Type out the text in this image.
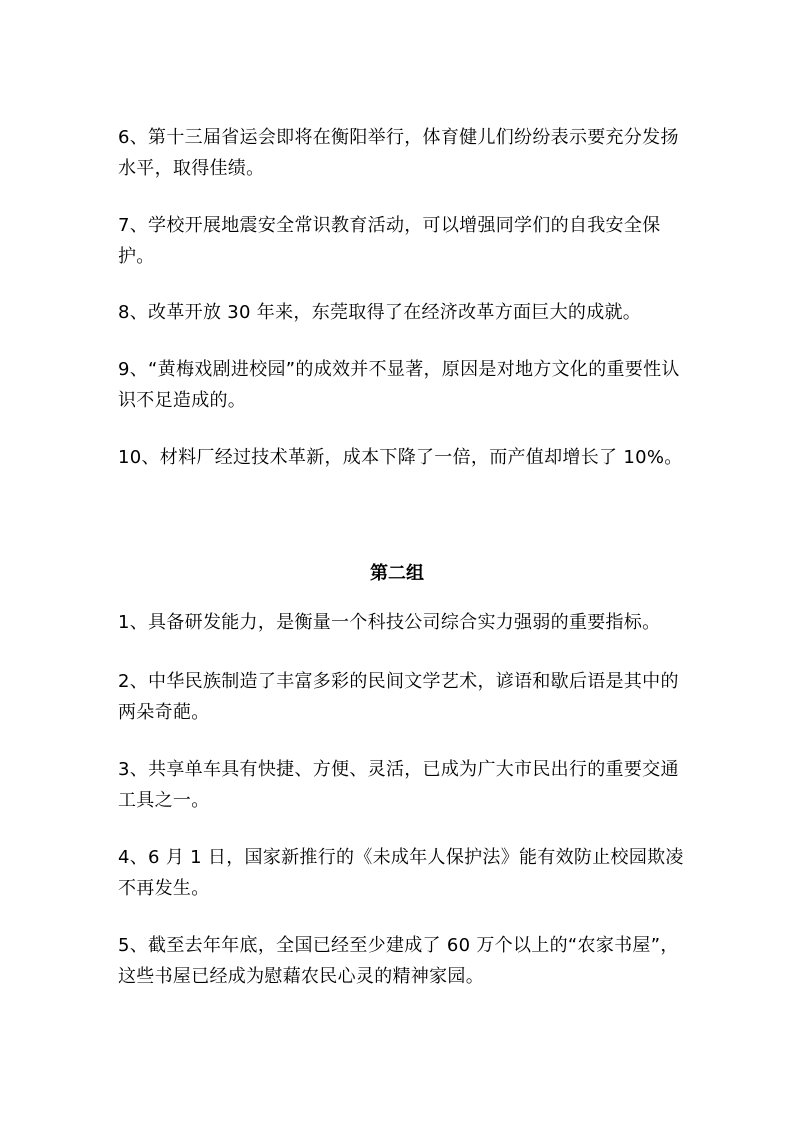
6、第十三届省运会即将在衡阳举行，体育健儿们纷纷表示要充分发扬水平，取得佳绩。

7、学校开展地震安全常识教育活动，可以增强同学们的自我安全保护。

8、改革开放 30 年来，东莞取得了在经济改革方面巨大的成就。

9、“黄梅戏剧进校园”的成效并不显著，原因是对地方文化的重要性认识不足造成的。

10、材料厂经过技术革新，成本下降了一倍，而产值却增长了 10%。

第二组

1、具备研发能力，是衡量一个科技公司综合实力强弱的重要指标。

2、中华民族制造了丰富多彩的民间文学艺术，谚语和歇后语是其中的两朵奇葩。

3、共享单车具有快捷、方便、灵活，已成为广大市民出行的重要交通工具之一。

4、6 月 1 日，国家新推行的《未成年人保护法》能有效防止校园欺凌不再发生。

5、截至去年年底，全国已经至少建成了 60 万个以上的“农家书屋”，这些书屋已经成为慰藉农民心灵的精神家园。
